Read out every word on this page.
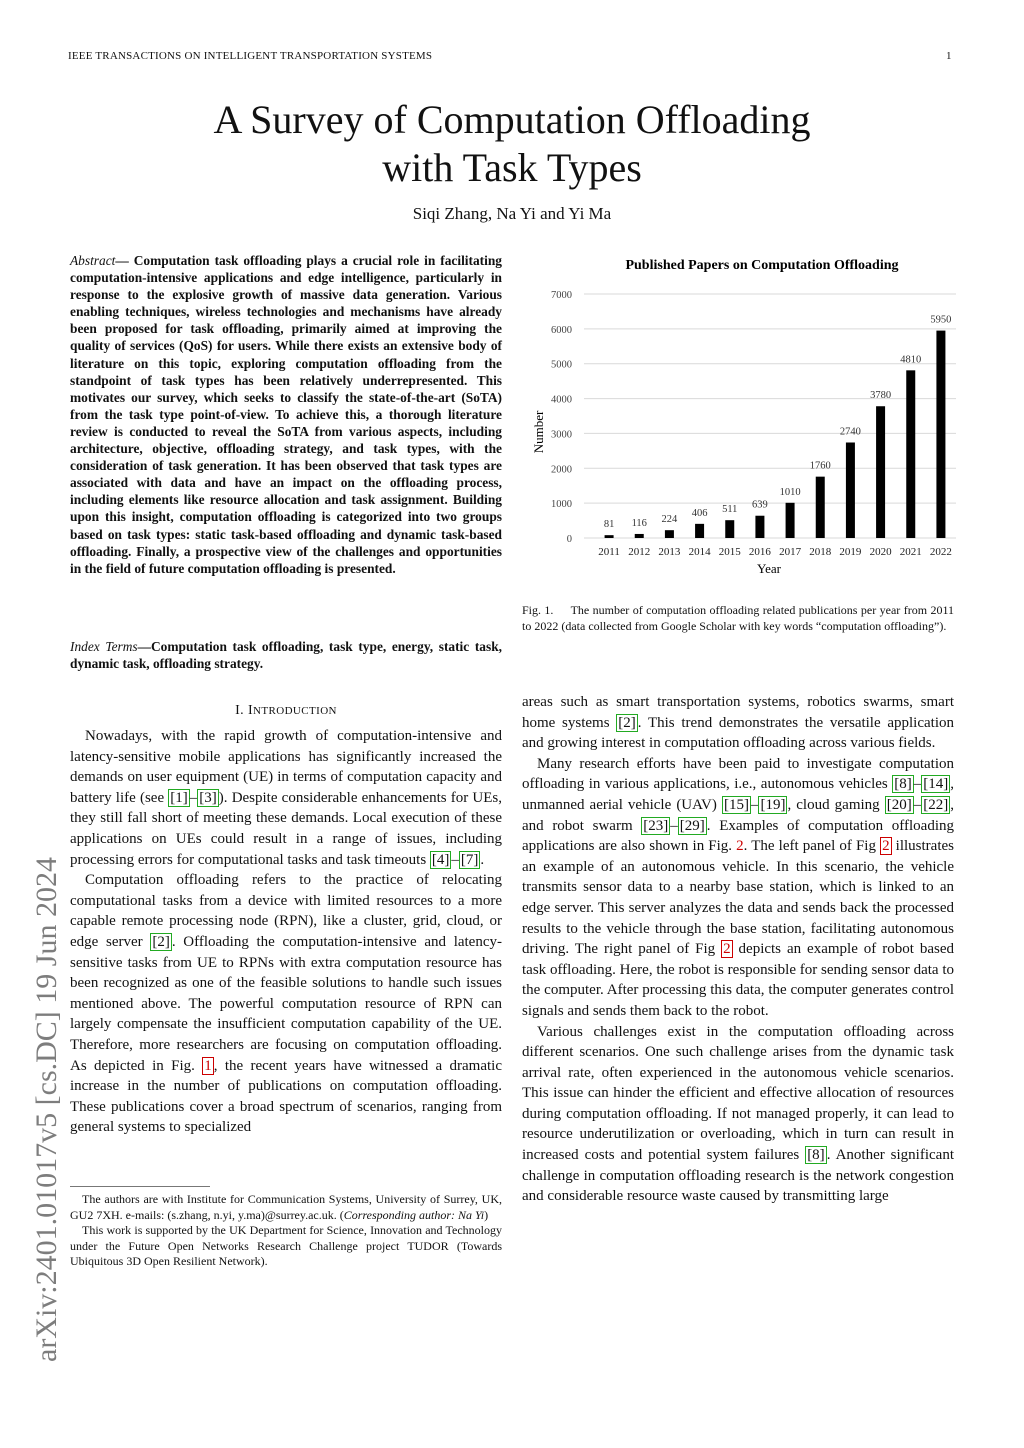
IEEE TRANSACTIONS ON INTELLIGENT TRANSPORTATION SYSTEMS	1
A Survey of Computation Offloading
with Task Types
Siqi Zhang, Na Yi and Yi Ma
arXiv:2401.01017v5 [cs.DC] 19 Jun 2024
Abstract— Computation task offloading plays a crucial role in facilitating computation-intensive applications and edge intelligence, particularly in response to the explosive growth of massive data generation. Various enabling techniques, wireless technologies and mechanisms have already been proposed for task offloading, primarily aimed at improving the quality of services (QoS) for users. While there exists an extensive body of literature on this topic, exploring computation offloading from the standpoint of task types has been relatively underrepresented. This motivates our survey, which seeks to classify the state-of-the-art (SoTA) from the task type point-of-view. To achieve this, a thorough literature review is conducted to reveal the SoTA from various aspects, including architecture, objective, offloading strategy, and task types, with the consideration of task generation. It has been observed that task types are associated with data and have an impact on the offloading process, including elements like resource allocation and task assignment. Building upon this insight, computation offloading is categorized into two groups based on task types: static task-based offloading and dynamic task-based offloading. Finally, a prospective view of the challenges and opportunities in the field of future computation offloading is presented.
Index Terms—Computation task offloading, task type, energy, static task, dynamic task, offloading strategy.
I. INTRODUCTION

Nowadays, with the rapid growth of computation-intensive and latency-sensitive mobile applications has significantly increased the demands on user equipment (UE) in terms of computation capacity and battery life (see [1] – [3] ). Despite considerable enhancements for UEs, they still fall short of meeting these demands. Local execution of these applications on UEs could result in a range of issues, including processing errors for computational tasks and task timeouts [4] – [7] .

Computation offloading refers to the practice of relocating computational tasks from a device with limited resources to a more capable remote processing node (RPN), like a cluster, grid, cloud, or edge server [2] . Offloading the computation-intensive and latency-sensitive tasks from UE to RPNs with extra computation resource has been recognized as one of the feasible solutions to handle such issues mentioned above. The powerful computation resource of RPN can largely compensate the insufficient computation capability of the UE. Therefore, more researchers are focusing on computation offloading. As depicted in Fig. 1 , the recent years have witnessed a dramatic increase in the number of publications on computation offloading. These publications cover a broad spectrum of scenarios, ranging from general systems to specialized

The authors are with Institute for Communication Systems, University of Surrey, UK, GU2 7XH. e-mails: (s.zhang, n.yi, y.ma)@surrey.ac.uk. (Corresponding author: Na Yi)

This work is supported by the UK Department for Science, Innovation and Technology under the Future Open Networks Research Challenge project TUDOR (Towards Ubiquitous 3D Open Resilient Network).

Published Papers on Computation Offloading
Number
Year
0
1000
2000
3000
4000
5000
6000
7000
81 116 224
406 511 639
1010
1760
2740
3780
4810
5950
2011 2012 2013 2014 2015 2016 2017 2018 2019 2020 2021 2022
Fig. 1. The number of computation offloading related publications per year from 2011 to 2022 (data collected from Google Scholar with key words “computation offloading”).

areas such as smart transportation systems, robotics swarms, smart home systems [2] . This trend demonstrates the versatile application and growing interest in computation offloading across various fields.

Many research efforts have been paid to investigate computation offloading in various applications, i.e., autonomous vehicles [8] – [14] , unmanned aerial vehicle (UAV) [15] – [19] , cloud gaming [20] – [22] , and robot swarm [23] – [29] . Examples of computation offloading applications are also shown in Fig. 2. The left panel of Fig 2 illustrates an example of an autonomous vehicle. In this scenario, the vehicle transmits sensor data to a nearby base station, which is linked to an edge server. This server analyzes the data and sends back the processed results to the vehicle through the base station, facilitating autonomous driving. The right panel of Fig 2 depicts an example of robot based task offloading. Here, the robot is responsible for sending sensor data to the computer. After processing this data, the computer generates control signals and sends them back to the robot.

Various challenges exist in the computation offloading across different scenarios. One such challenge arises from the dynamic task arrival rate, often experienced in the autonomous vehicle scenarios. This issue can hinder the efficient and effective allocation of resources during computation offloading. If not managed properly, it can lead to resource underutilization or overloading, which in turn can result in increased costs and potential system failures [8] . Another significant challenge in computation offloading research is the network congestion and considerable resource waste caused by transmitting large
